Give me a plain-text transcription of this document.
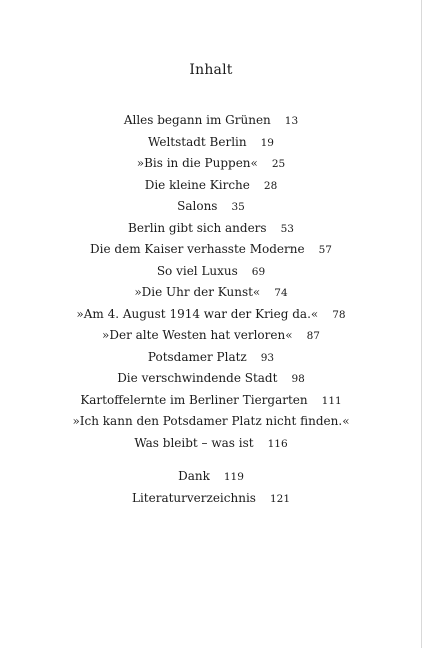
Inhalt
Alles begann im Grünen 13
Weltstadt Berlin 19
»Bis in die Puppen« 25
Die kleine Kirche 28
Salons 35
Berlin gibt sich anders 53
Die dem Kaiser verhasste Moderne 57
So viel Luxus 69
»Die Uhr der Kunst« 74
»Am 4. August 1914 war der Krieg da.« 78
»Der alte Westen hat verloren« 87
Potsdamer Platz 93
Die verschwindende Stadt 98
Kartoffelernte im Berliner Tiergarten 111
»Ich kann den Potsdamer Platz nicht finden.«
Was bleibt – was ist 116
Dank 119
Literaturverzeichnis 121
